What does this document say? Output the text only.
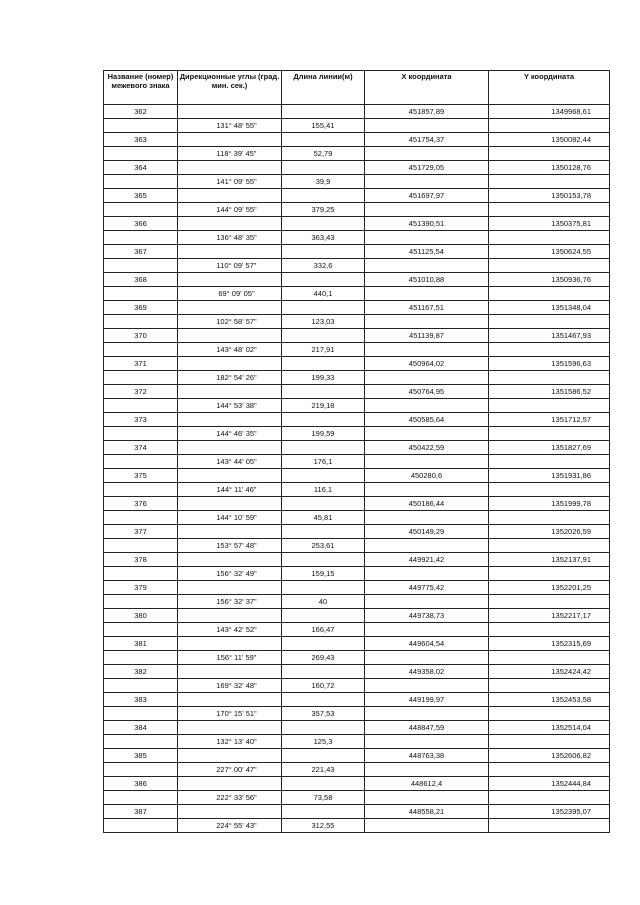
Название (номер) межевого знака	Дирекционные углы (град. мин. сек.)	Длина линии(м)	X координата	Y координата
362			451857,89	1349968,61
	131° 48' 55"	155,41		
363			451754,37	1350082,44
	118° 39' 45"	52,79		
364			451729,05	1350128,76
	141° 09' 55"	39,9		
365			451697,97	1350153,78
	144° 09' 55"	379,25		
366			451390,51	1350375,81
	136° 48' 35"	363,43		
367			451125,54	1350624,55
	110° 09' 57"	332,6		
368			451010,88	1350936,76
	69° 09' 05"	440,1		
369			451167,51	1351348,04
	102° 58' 57"	123,03		
370			451139,87	1351467,93
	143° 48' 02"	217,91		
371			450964,02	1351596,63
	182° 54' 26"	199,33		
372			450764,95	1351586,52
	144° 53' 38"	219,18		
373			450585,64	1351712,57
	144° 46' 35"	199,59		
374			450422,59	1351827,69
	143° 44' 05"	176,1		
375			450280,6	1351931,86
	144° 11' 46"	116,1		
376			450186,44	1351999,78
	144° 10' 59"	45,81		
377			450149,29	1352026,59
	153° 57' 48"	253,61		
378			449921,42	1352137,91
	156° 32' 49"	159,15		
379			449775,42	1352201,25
	156° 32' 37"	40		
380			449738,73	1352217,17
	143° 42' 52"	166,47		
381			449604,54	1352315,69
	156° 11' 59"	269,43		
382			449358,02	1352424,42
	169° 32' 48"	160,72		
383			449199,97	1352453,58
	170° 15' 51"	357,53		
384			448847,59	1352514,04
	132° 13' 40"	125,3		
385			448763,38	1352606,82
	227° 00' 47"	221,43		
386			448612,4	1352444,84
	222° 33' 56"	73,58		
387			448558,21	1352395,07
	224° 55' 43"	312,55		
